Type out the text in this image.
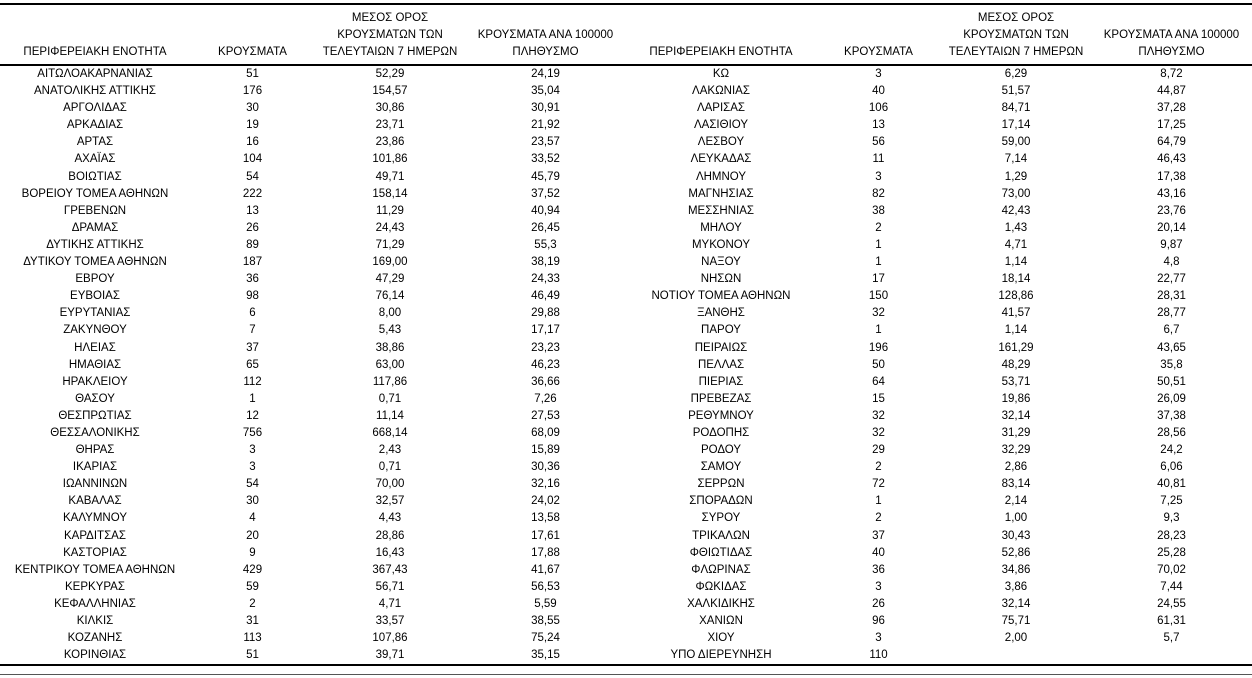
ΠΕΡΙΦΕΡΕΙΑΚΗ ΕΝΟΤΗΤΑ	ΚΡΟΥΣΜΑΤΑ	ΜΕΣΟΣ ΟΡΟΣ
ΚΡΟΥΣΜΑΤΩΝ ΤΩΝ
ΤΕΛΕΥΤΑΙΩΝ 7 ΗΜΕΡΩΝ	ΚΡΟΥΣΜΑΤΑ ΑΝΑ 100000
ΠΛΗΘΥΣΜΟ
ΑΙΤΩΛΟΑΚΑΡΝΑΝΙΑΣ	51	52,29	24,19
ΑΝΑΤΟΛΙΚΗΣ ΑΤΤΙΚΗΣ	176	154,57	35,04
ΑΡΓΟΛΙΔΑΣ	30	30,86	30,91
ΑΡΚΑΔΙΑΣ	19	23,71	21,92
ΑΡΤΑΣ	16	23,86	23,57
ΑΧΑΪΑΣ	104	101,86	33,52
ΒΟΙΩΤΙΑΣ	54	49,71	45,79
ΒΟΡΕΙΟΥ ΤΟΜΕΑ ΑΘΗΝΩΝ	222	158,14	37,52
ΓΡΕΒΕΝΩΝ	13	11,29	40,94
ΔΡΑΜΑΣ	26	24,43	26,45
ΔΥΤΙΚΗΣ ΑΤΤΙΚΗΣ	89	71,29	55,3
ΔΥΤΙΚΟΥ ΤΟΜΕΑ ΑΘΗΝΩΝ	187	169,00	38,19
ΕΒΡΟΥ	36	47,29	24,33
ΕΥΒΟΙΑΣ	98	76,14	46,49
ΕΥΡΥΤΑΝΙΑΣ	6	8,00	29,88
ΖΑΚΥΝΘΟΥ	7	5,43	17,17
ΗΛΕΙΑΣ	37	38,86	23,23
ΗΜΑΘΙΑΣ	65	63,00	46,23
ΗΡΑΚΛΕΙΟΥ	112	117,86	36,66
ΘΑΣΟΥ	1	0,71	7,26
ΘΕΣΠΡΩΤΙΑΣ	12	11,14	27,53
ΘΕΣΣΑΛΟΝΙΚΗΣ	756	668,14	68,09
ΘΗΡΑΣ	3	2,43	15,89
ΙΚΑΡΙΑΣ	3	0,71	30,36
ΙΩΑΝΝΙΝΩΝ	54	70,00	32,16
ΚΑΒΑΛΑΣ	30	32,57	24,02
ΚΑΛΥΜΝΟΥ	4	4,43	13,58
ΚΑΡΔΙΤΣΑΣ	20	28,86	17,61
ΚΑΣΤΟΡΙΑΣ	9	16,43	17,88
ΚΕΝΤΡΙΚΟΥ ΤΟΜΕΑ ΑΘΗΝΩΝ	429	367,43	41,67
ΚΕΡΚΥΡΑΣ	59	56,71	56,53
ΚΕΦΑΛΛΗΝΙΑΣ	2	4,71	5,59
ΚΙΛΚΙΣ	31	33,57	38,55
ΚΟΖΑΝΗΣ	113	107,86	75,24
ΚΟΡΙΝΘΙΑΣ	51	39,71	35,15
ΠΕΡΙΦΕΡΕΙΑΚΗ ΕΝΟΤΗΤΑ	ΚΡΟΥΣΜΑΤΑ	ΜΕΣΟΣ ΟΡΟΣ
ΚΡΟΥΣΜΑΤΩΝ ΤΩΝ
ΤΕΛΕΥΤΑΙΩΝ 7 ΗΜΕΡΩΝ	ΚΡΟΥΣΜΑΤΑ ΑΝΑ 100000
ΠΛΗΘΥΣΜΟ
ΚΩ	3	6,29	8,72
ΛΑΚΩΝΙΑΣ	40	51,57	44,87
ΛΑΡΙΣΑΣ	106	84,71	37,28
ΛΑΣΙΘΙΟΥ	13	17,14	17,25
ΛΕΣΒΟΥ	56	59,00	64,79
ΛΕΥΚΑΔΑΣ	11	7,14	46,43
ΛΗΜΝΟΥ	3	1,29	17,38
ΜΑΓΝΗΣΙΑΣ	82	73,00	43,16
ΜΕΣΣΗΝΙΑΣ	38	42,43	23,76
ΜΗΛΟΥ	2	1,43	20,14
ΜΥΚΟΝΟΥ	1	4,71	9,87
ΝΑΞΟΥ	1	1,14	4,8
ΝΗΣΩΝ	17	18,14	22,77
ΝΟΤΙΟΥ ΤΟΜΕΑ ΑΘΗΝΩΝ	150	128,86	28,31
ΞΑΝΘΗΣ	32	41,57	28,77
ΠΑΡΟΥ	1	1,14	6,7
ΠΕΙΡΑΙΩΣ	196	161,29	43,65
ΠΕΛΛΑΣ	50	48,29	35,8
ΠΙΕΡΙΑΣ	64	53,71	50,51
ΠΡΕΒΕΖΑΣ	15	19,86	26,09
ΡΕΘΥΜΝΟΥ	32	32,14	37,38
ΡΟΔΟΠΗΣ	32	31,29	28,56
ΡΟΔΟΥ	29	32,29	24,2
ΣΑΜΟΥ	2	2,86	6,06
ΣΕΡΡΩΝ	72	83,14	40,81
ΣΠΟΡΑΔΩΝ	1	2,14	7,25
ΣΥΡΟΥ	2	1,00	9,3
ΤΡΙΚΑΛΩΝ	37	30,43	28,23
ΦΘΙΩΤΙΔΑΣ	40	52,86	25,28
ΦΛΩΡΙΝΑΣ	36	34,86	70,02
ΦΩΚΙΔΑΣ	3	3,86	7,44
ΧΑΛΚΙΔΙΚΗΣ	26	32,14	24,55
ΧΑΝΙΩΝ	96	75,71	61,31
ΧΙΟΥ	3	2,00	5,7
ΥΠΟ ΔΙΕΡΕΥΝΗΣΗ	110		
